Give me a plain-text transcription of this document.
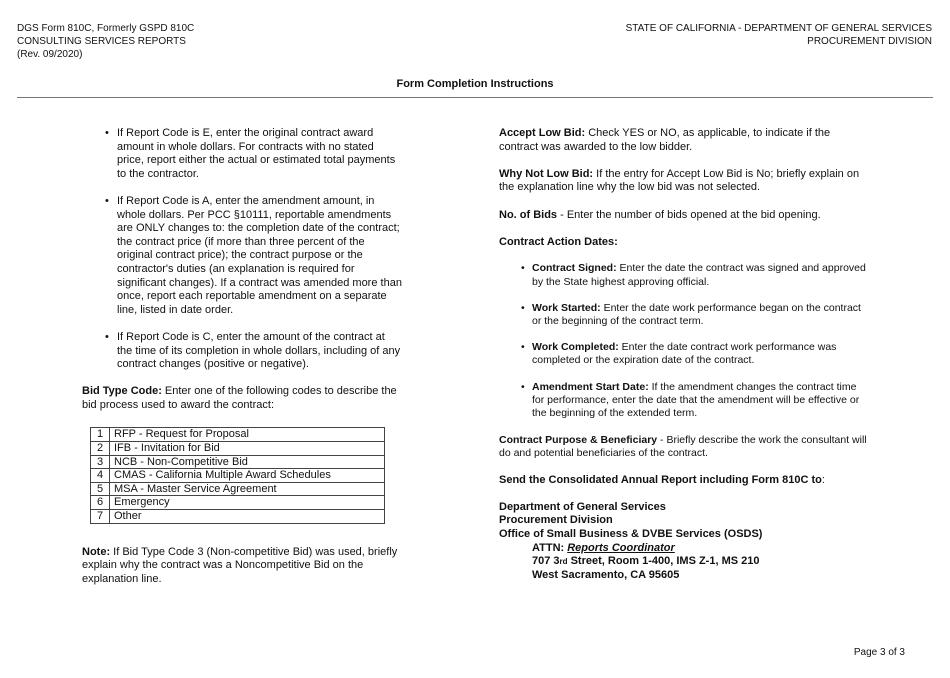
DGS Form 810C, Formerly GSPD 810C
CONSULTING SERVICES REPORTS
(Rev. 09/2020)
STATE OF CALIFORNIA - DEPARTMENT OF GENERAL SERVICES
PROCUREMENT DIVISION
Form Completion Instructions
• If Report Code is E, enter the original contract award amount in whole dollars. For contracts with no stated price, report either the actual or estimated total payments to the contractor.
• If Report Code is A, enter the amendment amount, in whole dollars. Per PCC §10111, reportable amendments are ONLY changes to: the completion date of the contract; the contract price (if more than three percent of the original contract price); the contract purpose or the contractor's duties (an explanation is required for significant changes). If a contract was amended more than once, report each reportable amendment on a separate line, listed in date order.
• If Report Code is C, enter the amount of the contract at the time of its completion in whole dollars, including of any contract changes (positive or negative).
Bid Type Code: Enter one of the following codes to describe the bid process used to award the contract:
1	RFP - Request for Proposal
2	IFB - Invitation for Bid
3	NCB - Non-Competitive Bid
4	CMAS - California Multiple Award Schedules
5	MSA - Master Service Agreement
6	Emergency
7	Other
Note: If Bid Type Code 3 (Non-competitive Bid) was used, briefly explain why the contract was a Noncompetitive Bid on the explanation line.
Accept Low Bid: Check YES or NO, as applicable, to indicate if the contract was awarded to the low bidder.
Why Not Low Bid: If the entry for Accept Low Bid is No; briefly explain on the explanation line why the low bid was not selected.
No. of Bids - Enter the number of bids opened at the bid opening.
Contract Action Dates:
• Contract Signed: Enter the date the contract was signed and approved by the State highest approving official.
• Work Started: Enter the date work performance began on the contract or the beginning of the contract term.
• Work Completed: Enter the date contract work performance was completed or the expiration date of the contract.
• Amendment Start Date: If the amendment changes the contract time for performance, enter the date that the amendment will be effective or the beginning of the extended term.
Contract Purpose & Beneficiary - Briefly describe the work the consultant will do and potential beneficiaries of the contract.
Send the Consolidated Annual Report including Form 810C to:
Department of General Services
Procurement Division
Office of Small Business & DVBE Services (OSDS)
ATTN: Reports Coordinator
707 3rd Street, Room 1-400, IMS Z-1, MS 210
West Sacramento, CA 95605
Page 3 of 3
